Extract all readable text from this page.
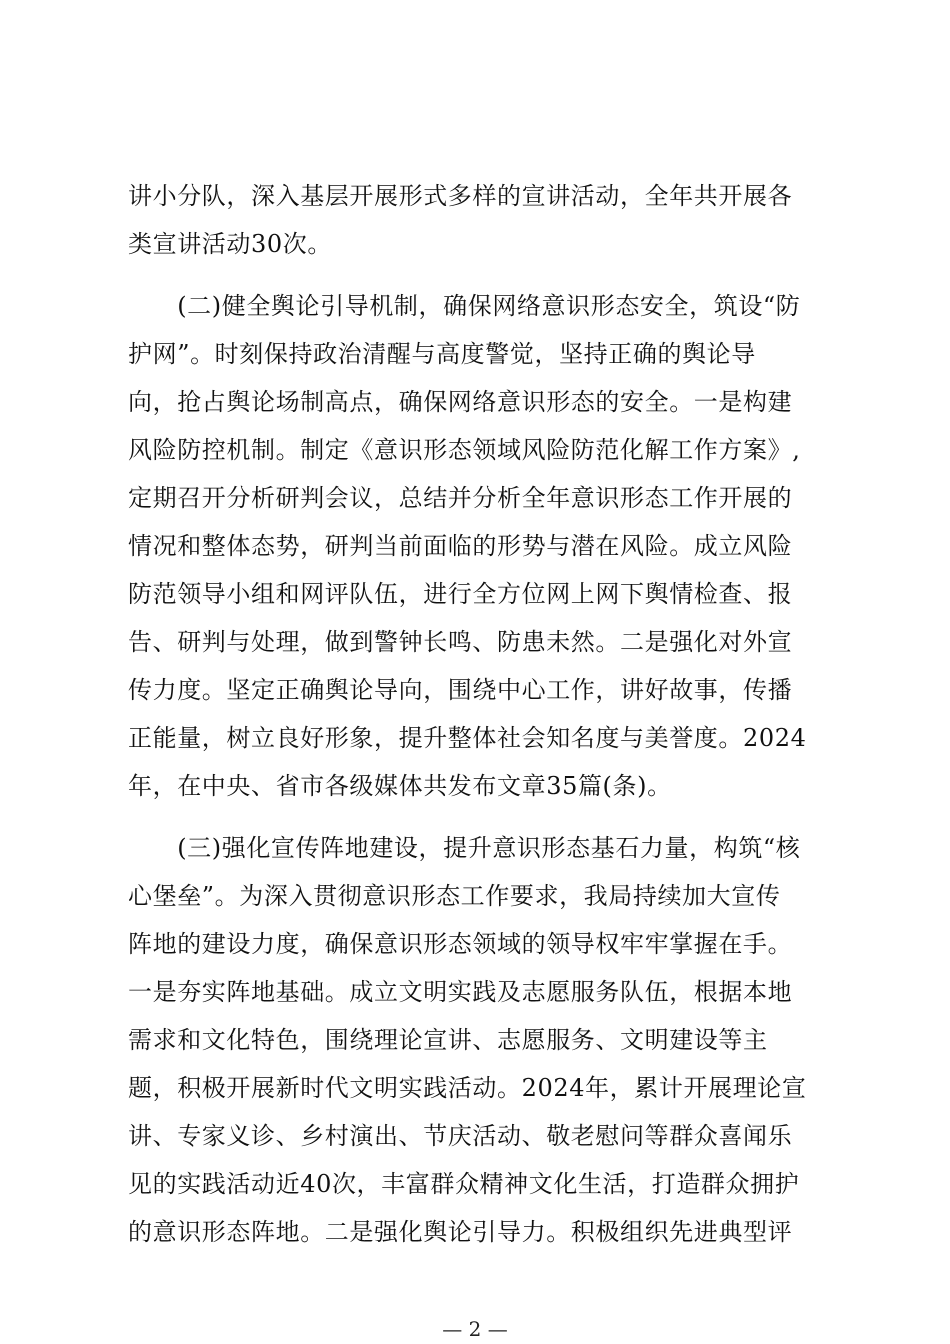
讲小分队，深入基层开展形式多样的宣讲活动，全年共开展各
类宣讲活动30次。
　　(二)健全舆论引导机制，确保网络意识形态安全，筑设“防
护网”。时刻保持政治清醒与高度警觉，坚持正确的舆论导
向，抢占舆论场制高点，确保网络意识形态的安全。一是构建
风险防控机制。制定《意识形态领域风险防范化解工作方案》,
定期召开分析研判会议，总结并分析全年意识形态工作开展的
情况和整体态势，研判当前面临的形势与潜在风险。成立风险
防范领导小组和网评队伍，进行全方位网上网下舆情检查、报
告、研判与处理，做到警钟长鸣、防患未然。二是强化对外宣
传力度。坚定正确舆论导向，围绕中心工作，讲好故事，传播
正能量，树立良好形象，提升整体社会知名度与美誉度。2024
年，在中央、省市各级媒体共发布文章35篇(条)。
　　(三)强化宣传阵地建设，提升意识形态基石力量，构筑“核
心堡垒”。为深入贯彻意识形态工作要求，我局持续加大宣传
阵地的建设力度，确保意识形态领域的领导权牢牢掌握在手。
一是夯实阵地基础。成立文明实践及志愿服务队伍，根据本地
需求和文化特色，围绕理论宣讲、志愿服务、文明建设等主
题，积极开展新时代文明实践活动。2024年，累计开展理论宣
讲、专家义诊、乡村演出、节庆活动、敬老慰问等群众喜闻乐
见的实践活动近40次，丰富群众精神文化生活，打造群众拥护
的意识形态阵地。二是强化舆论引导力。积极组织先进典型评
— 2 —
